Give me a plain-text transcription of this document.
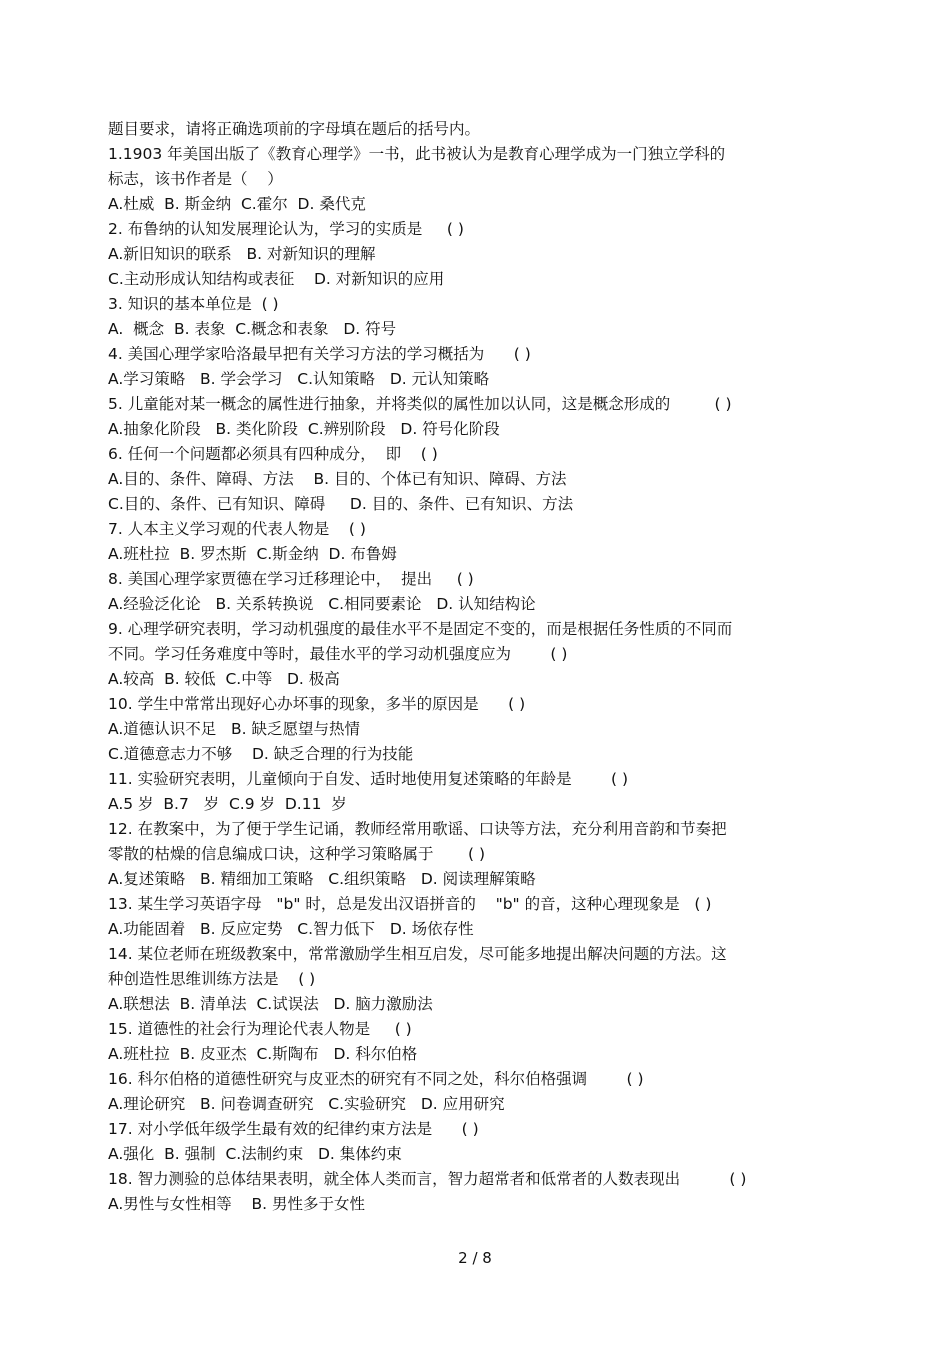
题目要求，请将正确选项前的字母填在题后的括号内。
1.1903 年美国出版了《教育心理学》一书，此书被认为是教育心理学成为一门独立学科的
标志，该书作者是（    ）
A.杜威  B. 斯金纳  C.霍尔  D. 桑代克
2. 布鲁纳的认知发展理论认为，学习的实质是     ( )
A.新旧知识的联系   B. 对新知识的理解
C.主动形成认知结构或表征    D. 对新知识的应用
3. 知识的基本单位是  ( )
A.  概念  B. 表象  C.概念和表象   D. 符号
4. 美国心理学家哈洛最早把有关学习方法的学习概括为      ( )
A.学习策略   B. 学会学习   C.认知策略   D. 元认知策略
5. 儿童能对某一概念的属性进行抽象，并将类似的属性加以认同，这是概念形成的         ( )
A.抽象化阶段   B. 类化阶段  C.辨别阶段   D. 符号化阶段
6. 任何一个问题都必须具有四种成分，  即    ( )
A.目的、条件、障碍、方法    B. 目的、个体已有知识、障碍、方法
C.目的、条件、已有知识、障碍     D. 目的、条件、已有知识、方法
7. 人本主义学习观的代表人物是    ( )
A.班杜拉  B. 罗杰斯  C.斯金纳  D. 布鲁姆
8. 美国心理学家贾德在学习迁移理论中，  提出     ( )
A.经验泛化论   B. 关系转换说   C.相同要素论   D. 认知结构论
9. 心理学研究表明，学习动机强度的最佳水平不是固定不变的，而是根据任务性质的不同而
不同。学习任务难度中等时，最佳水平的学习动机强度应为        ( )
A.较高  B. 较低  C.中等   D. 极高
10. 学生中常常出现好心办坏事的现象，多半的原因是      ( )
A.道德认识不足   B. 缺乏愿望与热情
C.道德意志力不够    D. 缺乏合理的行为技能
11. 实验研究表明，儿童倾向于自发、适时地使用复述策略的年龄是        ( )
A.5 岁  B.7   岁  C.9 岁  D.11  岁
12. 在教案中，为了便于学生记诵，教师经常用歌谣、口诀等方法，充分利用音韵和节奏把
零散的枯燥的信息编成口诀，这种学习策略属于       ( )
A.复述策略   B. 精细加工策略   C.组织策略   D. 阅读理解策略
13. 某生学习英语字母   "b" 时，总是发出汉语拼音的    "b" 的音，这种心理现象是   ( )
A.功能固着   B. 反应定势   C.智力低下   D. 场依存性
14. 某位老师在班级教案中，常常激励学生相互启发，尽可能多地提出解决问题的方法。这
种创造性思维训练方法是    ( )
A.联想法  B. 清单法  C.试误法   D. 脑力激励法
15. 道德性的社会行为理论代表人物是     ( )
A.班杜拉  B. 皮亚杰  C.斯陶布   D. 科尔伯格
16. 科尔伯格的道德性研究与皮亚杰的研究有不同之处，科尔伯格强调        ( )
A.理论研究   B. 问卷调查研究   C.实验研究   D. 应用研究
17. 对小学低年级学生最有效的纪律约束方法是      ( )
A.强化  B. 强制  C.法制约束   D. 集体约束
18. 智力测验的总体结果表明，就全体人类而言，智力超常者和低常者的人数表现出          ( )
A.男性与女性相等    B. 男性多于女性
2 / 8
